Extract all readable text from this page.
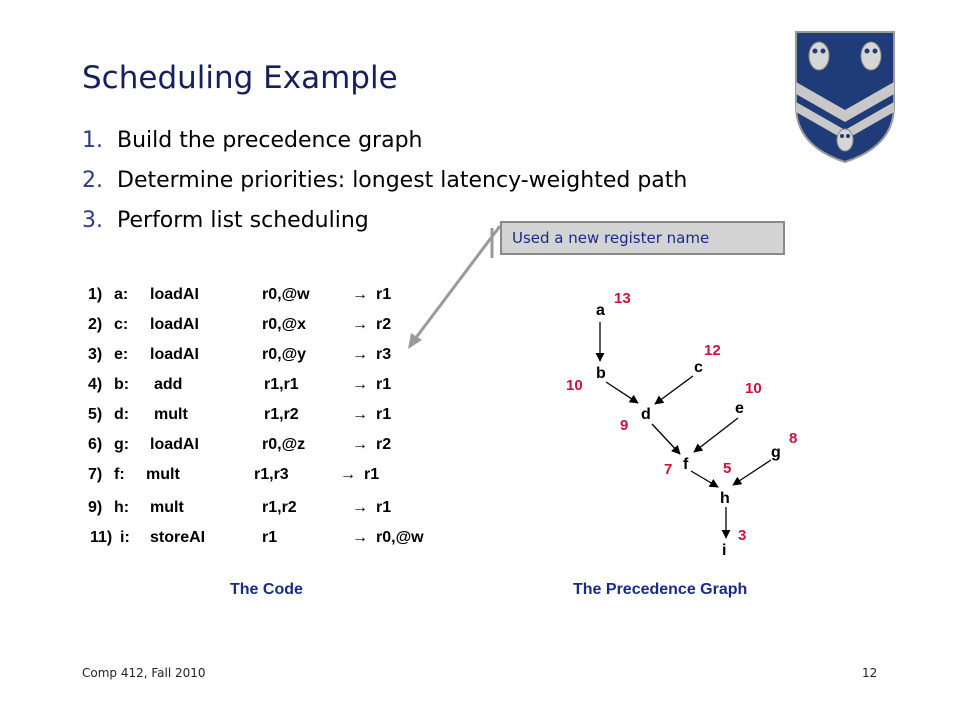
Scheduling Example
1. Build the precedence graph
2. Determine priorities: longest latency-weighted path
3. Perform list scheduling
Used a new register name
1) a: loadAI	r0,@w	→ r1
2) c: loadAI	r0,@x	→ r2
3) e: loadAI	r0,@y	→ r3
4) b: add	r1,r1	→ r1
5) d: mult	r1,r2	→ r1
6) g: loadAI	r0,@z	→ r2
7) f: mult	r1,r3	→ r1
9) h: mult	r1,r2	→ r1
11) i: storeAI	r1	→ r0,@w
a
b	c
d	e
f
g
h
i
13
10
12
9
10
7
8
5
3
The Code	The Precedence Graph
Comp 412, Fall 2010	12
